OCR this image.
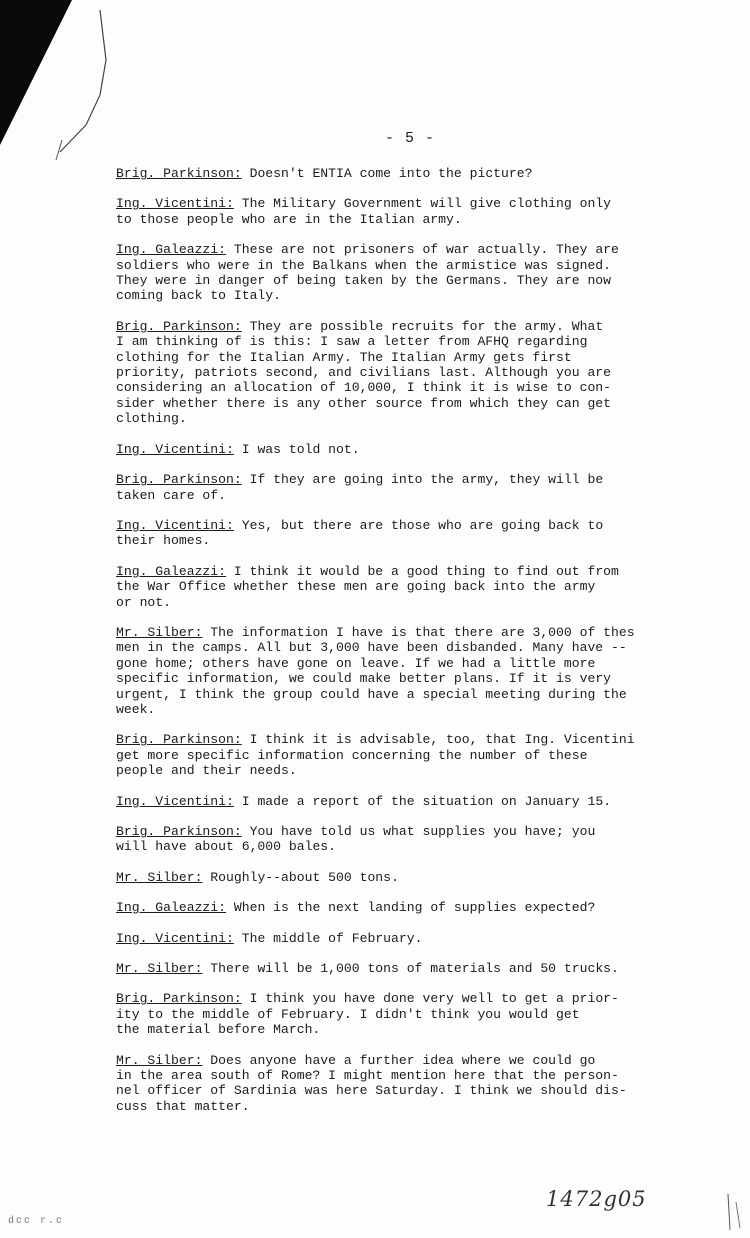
- 5 -

Brig. Parkinson: Doesn't ENTIA come into the picture?

Ing. Vicentini: The Military Government will give clothing only
to those people who are in the Italian army.

Ing. Galeazzi: These are not prisoners of war actually. They are
soldiers who were in the Balkans when the armistice was signed.
They were in danger of being taken by the Germans. They are now
coming back to Italy.

Brig. Parkinson: They are possible recruits for the army. What
I am thinking of is this: I saw a letter from AFHQ regarding
clothing for the Italian Army. The Italian Army gets first
priority, patriots second, and civilians last. Although you are
considering an allocation of 10,000, I think it is wise to con-
sider whether there is any other source from which they can get
clothing.

Ing. Vicentini: I was told not.

Brig. Parkinson: If they are going into the army, they will be
taken care of.

Ing. Vicentini: Yes, but there are those who are going back to
their homes.

Ing. Galeazzi: I think it would be a good thing to find out from
the War Office whether these men are going back into the army
or not.

Mr. Silber: The information I have is that there are 3,000 of thes
men in the camps. All but 3,000 have been disbanded. Many have --
gone home; others have gone on leave. If we had a little more
specific information, we could make better plans. If it is very
urgent, I think the group could have a special meeting during the
week.

Brig. Parkinson: I think it is advisable, too, that Ing. Vicentini
get more specific information concerning the number of these
people and their needs.

Ing. Vicentini: I made a report of the situation on January 15.

Brig. Parkinson: You have told us what supplies you have; you
will have about 6,000 bales.

Mr. Silber: Roughly--about 500 tons.

Ing. Galeazzi: When is the next landing of supplies expected?

Ing. Vicentini: The middle of February.

Mr. Silber: There will be 1,000 tons of materials and 50 trucks.

Brig. Parkinson: I think you have done very well to get a prior-
ity to the middle of February. I didn't think you would get
the material before March.

Mr. Silber: Does anyone have a further idea where we could go
in the area south of Rome? I might mention here that the person-
nel officer of Sardinia was here Saturday. I think we should dis-
cuss that matter.

1472g05
dcc r.c
